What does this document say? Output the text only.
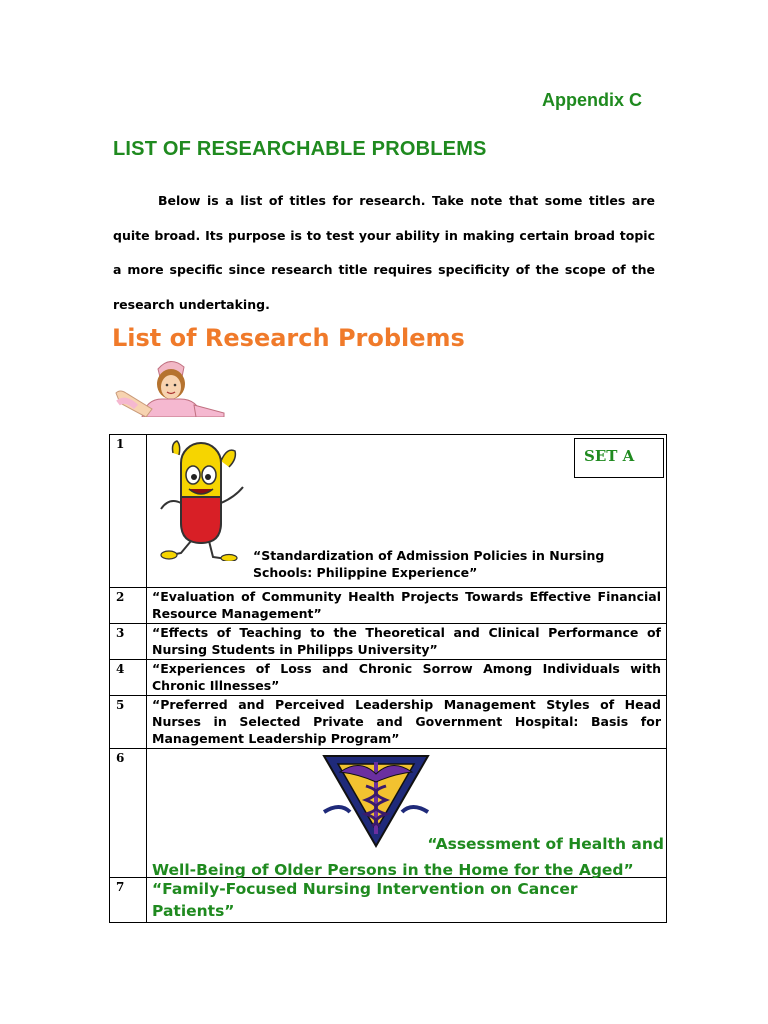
Appendix C
LIST OF RESEARCHABLE PROBLEMS

Below is a list of titles for research. Take note that some titles are quite broad. Its purpose is to test your ability in making certain broad topic a more specific since research title requires specificity of the scope of the research undertaking.

List of Research Problems
1	SET A
“Standardization of Admission Policies in Nursing Schools: Philippine Experience”

2	“Evaluation of Community Health Projects Towards Effective Financial Resource Management”
3	“Effects of Teaching to the Theoretical and Clinical Performance of Nursing Students in Philipps University”
4	“Experiences of Loss and Chronic Sorrow Among Individuals with Chronic Illnesses”
5	“Preferred and Perceived Leadership Management Styles of Head Nurses in Selected Private and Government Hospital: Basis for Management Leadership Program”
6	“Assessment of Health and
Well-Being of Older Persons in the Home for the Aged”

7	“Family-Focused Nursing Intervention on Cancer Patients”
